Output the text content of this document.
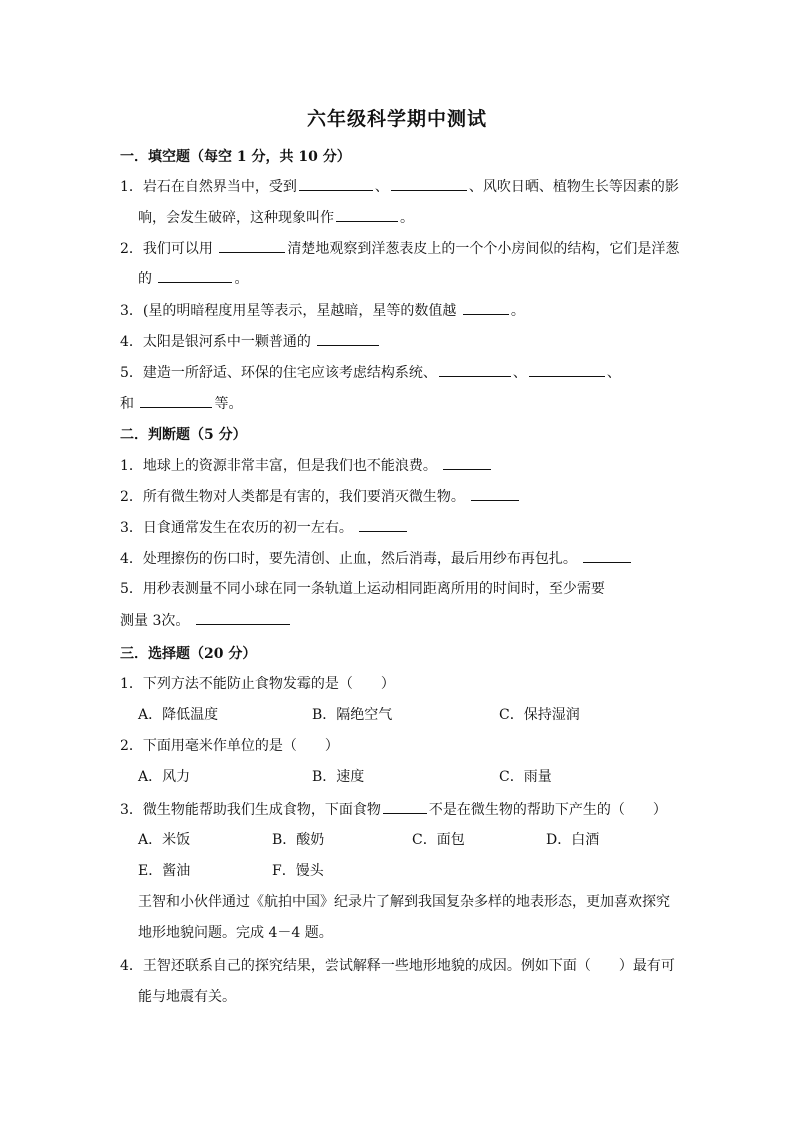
六年级科学期中测试
一．填空题（每空 1 分，共 10 分）
1．岩石在自然界当中，受到	、	、风吹日晒、植物生长等因素的影
响，会发生破碎，这种现象叫作	。
2．我们可以用	清楚地观察到洋葱表皮上的一个个小房间似的结构，它们是洋葱
的	。
3．(星的明暗程度用星等表示，星越暗，星等的数值越	。
4．太阳是银河系中一颗普通的
5．建造一所舒适、环保的住宅应该考虑结构系统、	、	、
和	等。
二．判断题（5 分）
1．地球上的资源非常丰富，但是我们也不能浪费。
2．所有微生物对人类都是有害的，我们要消灭微生物。
3．日食通常发生在农历的初一左右。
4．处理擦伤的伤口时，要先清创、止血，然后消毒，最后用纱布再包扎。
5．用秒表测量不同小球在同一条轨道上运动相同距离所用的时间时，至少需要
测量 3次。
三．选择题（20 分）
1．下列方法不能防止食物发霉的是（　　）
A．降低温度	B．隔绝空气	C．保持湿润
2．下面用毫米作单位的是（　　）
A．风力	B．速度	C．雨量
3．微生物能帮助我们生成食物，下面食物	不是在微生物的帮助下产生的（　　）
A．米饭	B．酸奶	C．面包	D．白酒
E．酱油	F．馒头
王智和小伙伴通过《航拍中国》纪录片了解到我国复杂多样的地表形态，更加喜欢探究
地形地貌问题。完成 4－4 题。
4．王智还联系自己的探究结果，尝试解释一些地形地貌的成因。例如下面（　　）最有可
能与地震有关。
